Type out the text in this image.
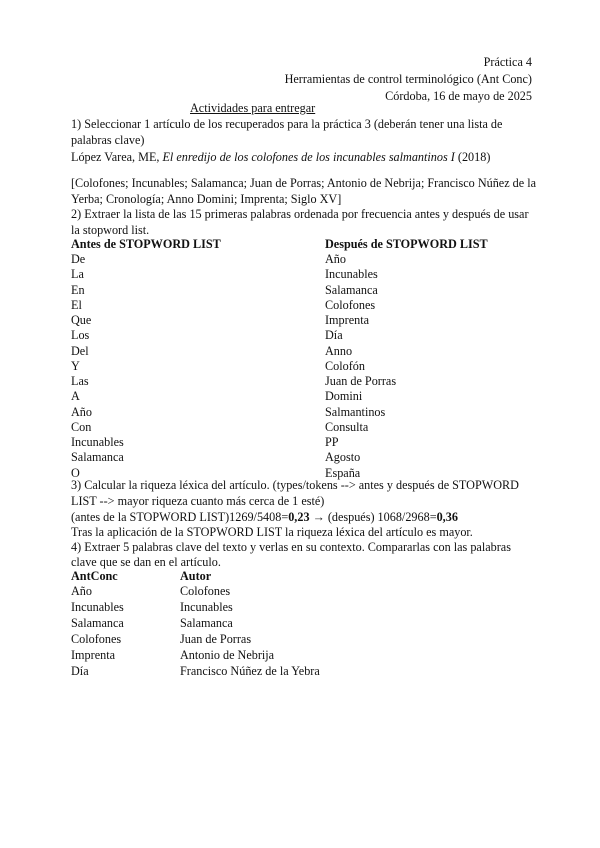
Práctica 4
Herramientas de control terminológico (Ant Conc)
Córdoba, 16 de mayo de 2025
Actividades para entregar
1) Seleccionar 1 artículo de los recuperados para la práctica 3 (deberán tener una lista de
palabras clave)
López Varea, ME, El enredijo de los colofones de los incunables salmantinos I (2018)
[Colofones; Incunables; Salamanca; Juan de Porras; Antonio de Nebrija; Francisco Núñez de la
Yerba; Cronología; Anno Domini; Imprenta; Siglo XV]
2) Extraer la lista de las 15 primeras palabras ordenada por frecuencia antes y después de usar
la stopword list.
Antes de STOPWORD LIST	Después de STOPWORD LIST
De	Año
La	Incunables
En	Salamanca
El	Colofones
Que	Imprenta
Los	Día
Del	Anno
Y	Colofón
Las	Juan de Porras
A	Domini
Año	Salmantinos
Con	Consulta
Incunables	PP
Salamanca	Agosto
O	España
3) Calcular la riqueza léxica del artículo. (types/tokens --> antes y después de STOPWORD
LIST --> mayor riqueza cuanto más cerca de 1 esté)
(antes de la STOPWORD LIST)1269/5408=0,23 → (después) 1068/2968=0,36
Tras la aplicación de la STOPWORD LIST la riqueza léxica del artículo es mayor.
4) Extraer 5 palabras clave del texto y verlas en su contexto. Compararlas con las palabras
clave que se dan en el artículo.
AntConc	Autor
Año	Colofones
Incunables	Incunables
Salamanca	Salamanca
Colofones	Juan de Porras
Imprenta	Antonio de Nebrija
Día	Francisco Núñez de la Yebra
